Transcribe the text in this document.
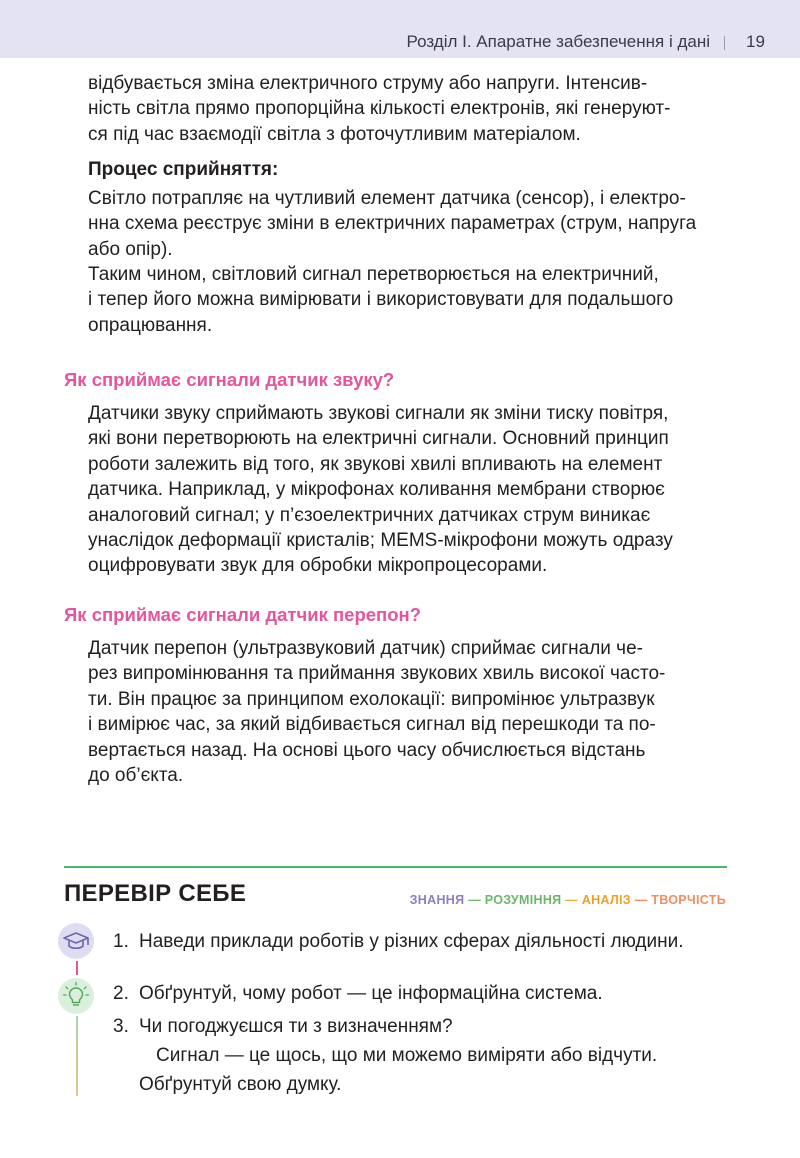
Розділ І. Апаратне забезпечення і дані 19
відбувається зміна електричного струму або напруги. Інтенсив-
ність світла прямо пропорційна кількості електронів, які генеруют-
ся під час взаємодії світла з фоточутливим матеріалом.
Процес сприйняття:
Світло потрапляє на чутливий елемент датчика (сенсор), і електро-
нна схема реєструє зміни в електричних параметрах (струм, напруга
або опір).
Таким чином, світловий сигнал перетворюється на електричний,
і тепер його можна вимірювати і використовувати для подальшого
опрацювання.
Як сприймає сигнали датчик звуку?
Датчики звуку сприймають звукові сигнали як зміни тиску повітря,
які вони перетворюють на електричні сигнали. Основний принцип
роботи залежить від того, як звукові хвилі впливають на елемент
датчика. Наприклад, у мікрофонах коливання мембрани створює
аналоговий сигнал; у п’єзоелектричних датчиках струм виникає
унаслідок деформації кристалів; MEMS-мікрофони можуть одразу
оцифровувати звук для обробки мікропроцесорами.
Як сприймає сигнали датчик перепон?
Датчик перепон (ультразвуковий датчик) сприймає сигнали че-
рез випромінювання та приймання звукових хвиль високої часто-
ти. Він працює за принципом ехолокації: випромінює ультразвук
і вимірює час, за який відбивається сигнал від перешкоди та по-
вертається назад. На основі цього часу обчислюється відстань
до об’єкта.
ПЕРЕВІР СЕБЕ	ЗНАННЯ — РОЗУМІННЯ — АНАЛІЗ — ТВОРЧІСТЬ
1. Наведи приклади роботів у різних сферах діяльності людини.
2. Обґрунтуй, чому робот — це інформаційна система.
3. Чи погоджуєшся ти з визначенням?
Сигнал — це щось, що ми можемо виміряти або відчути.
Обґрунтуй свою думку.
